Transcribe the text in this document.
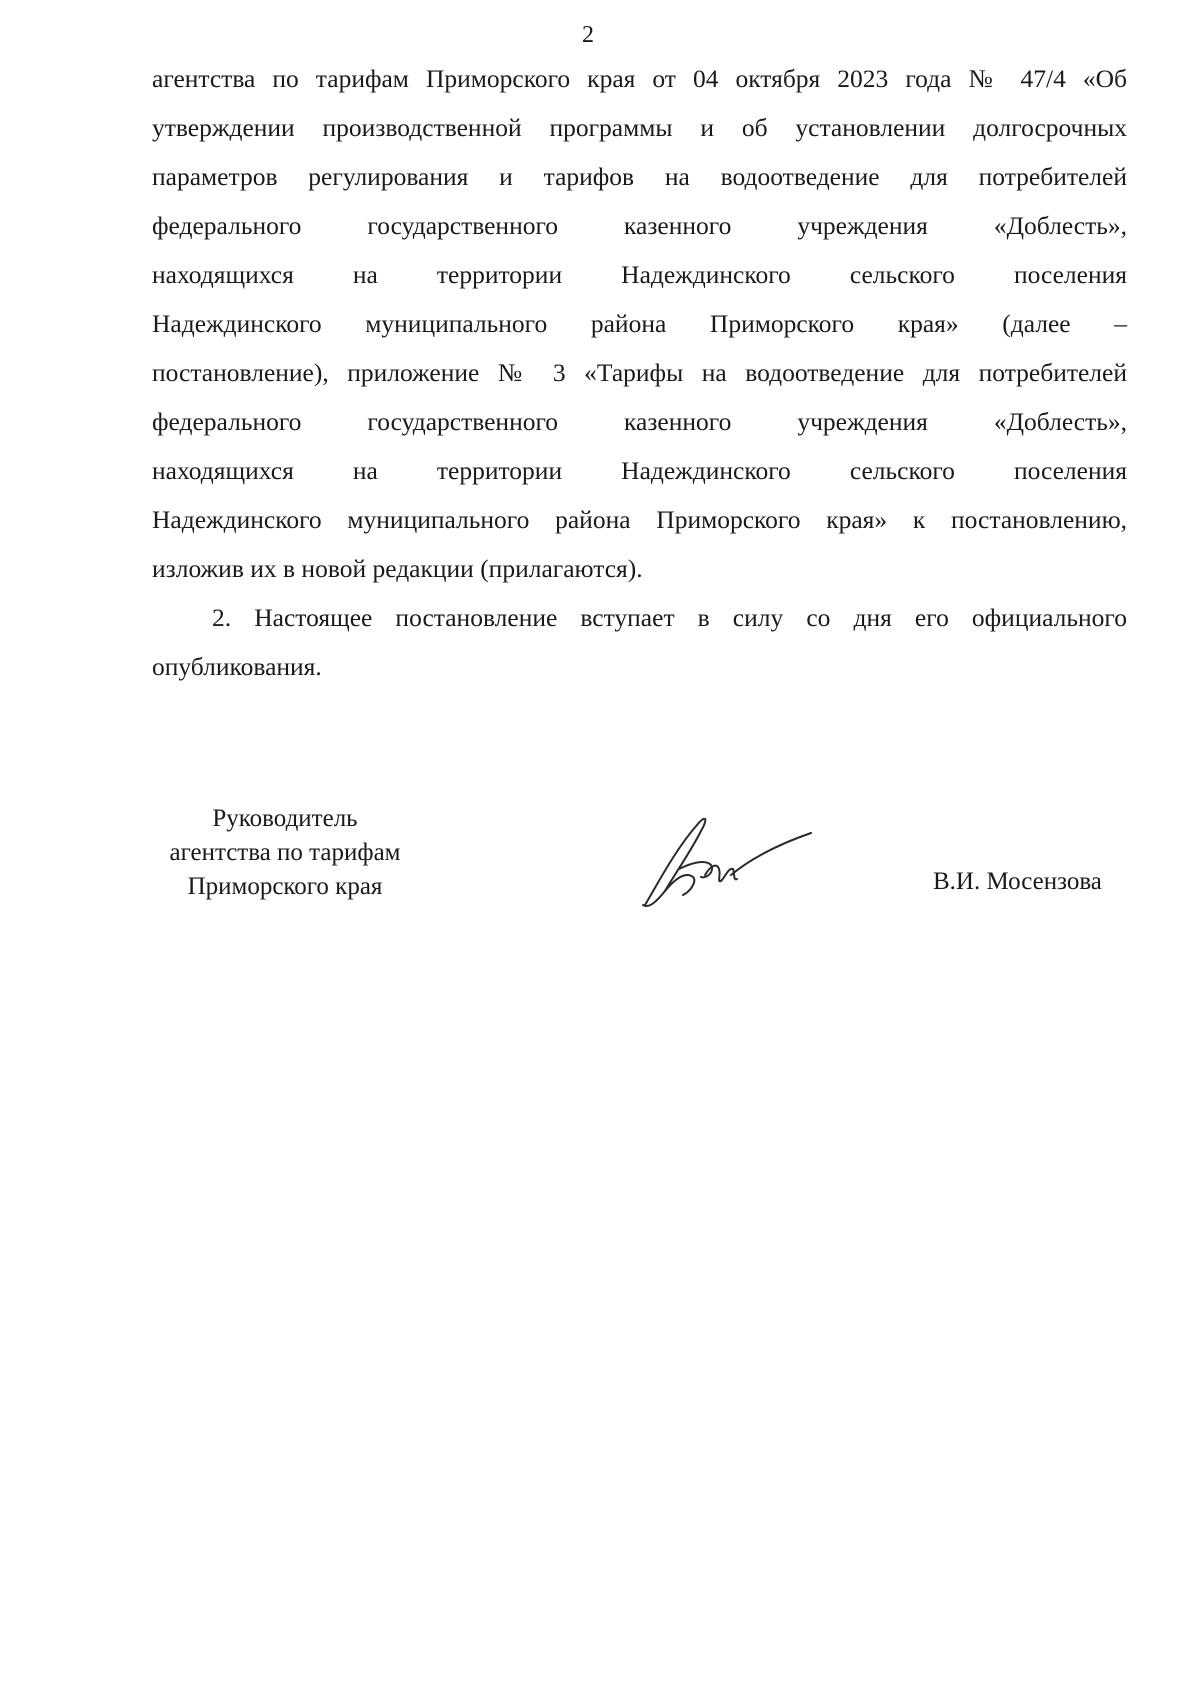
2
агентства по тарифам Приморского края от 04 октября 2023 года № 47/4 «Об
утверждении производственной программы и об установлении долгосрочных
параметров регулирования и тарифов на водоотведение для потребителей
федерального государственного казенного учреждения «Доблесть»,
находящихся на территории Надеждинского сельского поселения
Надеждинского муниципального района Приморского края» (далее –
постановление), приложение № 3 «Тарифы на водоотведение для потребителей
федерального государственного казенного учреждения «Доблесть»,
находящихся на территории Надеждинского сельского поселения
Надеждинского муниципального района Приморского края» к постановлению,
изложив их в новой редакции (прилагаются).
2. Настоящее постановление вступает в силу со дня его официального
опубликования.
Руководитель
агентства по тарифам
Приморского края	В.И. Мосензова
